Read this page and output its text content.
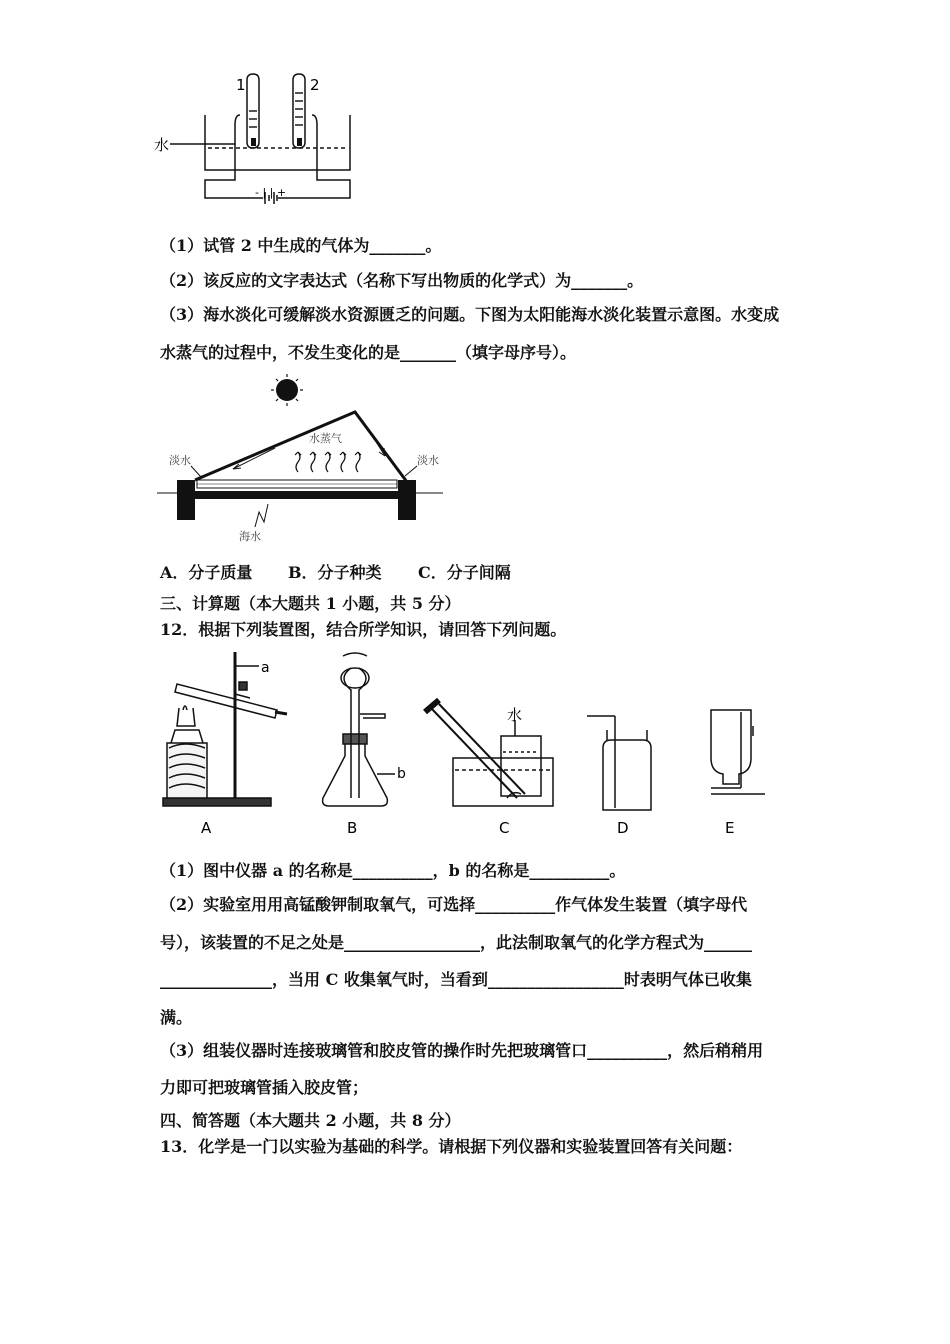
1	2
水
- | | +
（1）试管 2 中生成的气体为_______。
（2）该反应的文字表达式（名称下写出物质的化学式）为_______。
（3）海水淡化可缓解淡水资源匮乏的问题。下图为太阳能海水淡化装置示意图。水变成
水蒸气的过程中，不发生变化的是_______（填字母序号）。
淡水	淡水
水蒸气
海水
A．分子质量 B．分子种类 C．分子间隔
三、计算题（本大题共 1 小题，共 5 分）
12．根据下列装置图，结合所学知识，请回答下列问题。
a
b
水
A	B	C	D	E
（1）图中仪器 a 的名称是__________，b 的名称是__________。
（2）实验室用用高锰酸钾制取氧气，可选择__________作气体发生装置（填字母代
号），该装置的不足之处是_________________，此法制取氧气的化学方程式为______
______________，当用 C 收集氧气时，当看到_________________时表明气体已收集
满。
（3）组装仪器时连接玻璃管和胶皮管的操作时先把玻璃管口__________，然后稍稍用
力即可把玻璃管插入胶皮管；
四、简答题（本大题共 2 小题，共 8 分）
13．化学是一门以实验为基础的科学。请根据下列仪器和实验装置回答有关问题：
